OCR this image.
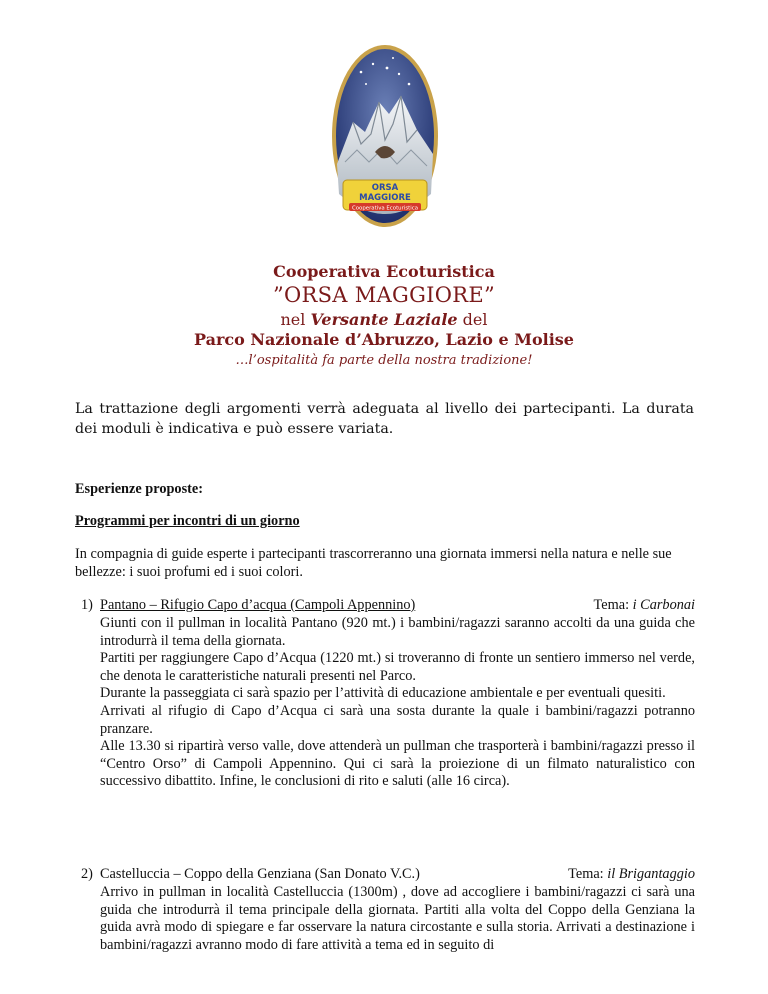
ORSA
MAGGIORE
Cooperativa Ecoturistica
Cooperativa Ecoturistica
”ORSA MAGGIORE”
nel Versante Laziale del
Parco Nazionale d’Abruzzo, Lazio e Molise
…l’ospitalità fa parte della nostra tradizione!
La trattazione degli argomenti verrà adeguata al livello dei partecipanti. La durata dei moduli è indicativa e può essere variata.
Esperienze proposte:
Programmi per incontri di un giorno
In compagnia di guide esperte i partecipanti trascorreranno una giornata immersi nella natura e nelle sue bellezze: i suoi profumi ed i suoi colori.
1) Pantano – Rifugio Capo d’acqua (Campoli Appennino)	Tema: i Carbonai

Giunti con il pullman in località Pantano (920 mt.) i bambini/ragazzi saranno accolti da una guida che introdurrà il tema della giornata.

Partiti per raggiungere Capo d’Acqua (1220 mt.) si troveranno di fronte un sentiero immerso nel verde, che denota le caratteristiche naturali presenti nel Parco.

Durante la passeggiata ci sarà spazio per l’attività di educazione ambientale e per eventuali quesiti.

Arrivati al rifugio di Capo d’Acqua ci sarà una sosta durante la quale i bambini/ragazzi potranno pranzare.

Alle 13.30 si ripartirà verso valle, dove attenderà un pullman che trasporterà i bambini/ragazzi presso il “Centro Orso” di Campoli Appennino. Qui ci sarà la proiezione di un filmato naturalistico con successivo dibattito. Infine, le conclusioni di rito e saluti (alle 16 circa).

2) Castelluccia – Coppo della Genziana (San Donato V.C.)	Tema: il Brigantaggio

Arrivo in pullman in località Castelluccia (1300m) , dove ad accogliere i bambini/ragazzi ci sarà una guida che introdurrà il tema principale della giornata. Partiti alla volta del Coppo della Genziana la guida avrà modo di spiegare e far osservare la natura circostante e sulla storia. Arrivati a destinazione i bambini/ragazzi avranno modo di fare attività a tema ed in seguito di
